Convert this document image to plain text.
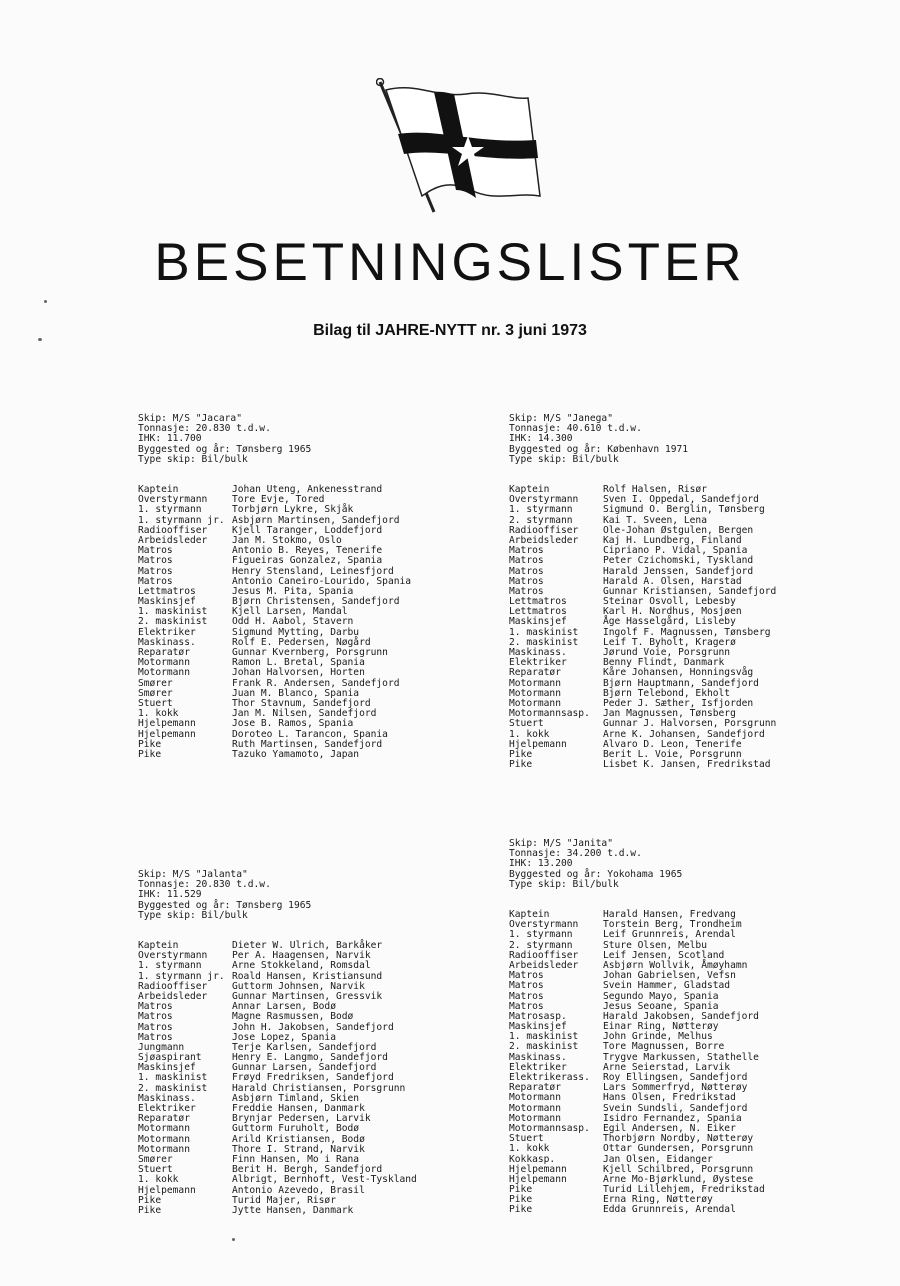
BESETNINGSLISTER
Bilag til JAHRE-NYTT nr. 3 juni 1973
Skip: M/S "Jacara"
Tonnasje: 20.830 t.d.w.
IHK: 11.700
Byggested og år: Tønsberg 1965
Type skip: Bil/bulk
Kaptein	Johan Uteng, Ankenesstrand
Overstyrmann	Tore Evje, Tored
1. styrmann	Torbjørn Lykre, Skjåk
1. styrmann jr. Asbjørn Martinsen, Sandefjord
Radiooffiser	Kjell Taranger, Loddefjord
Arbeidsleder	Jan M. Stokmo, Oslo
Matros	Antonio B. Reyes, Tenerife
Matros	Figueiras Gonzalez, Spania
Matros	Henry Stensland, Leinesfjord
Matros	Antonio Caneiro-Lourido, Spania
Lettmatros	Jesus M. Pita, Spania
Maskinsjef	Bjørn Christensen, Sandefjord
1. maskinist	Kjell Larsen, Mandal
2. maskinist	Odd H. Aabol, Stavern
Elektriker	Sigmund Mytting, Darbu
Maskinass.	Rolf E. Pedersen, Nøgård
Reparatør	Gunnar Kvernberg, Porsgrunn
Motormann	Ramon L. Bretal, Spania
Motormann	Johan Halvorsen, Horten
Smører	Frank R. Andersen, Sandefjord
Smører	Juan M. Blanco, Spania
Stuert	Thor Stavnum, Sandefjord
1. kokk	Jan M. Nilsen, Sandefjord
Hjelpemann	Jose B. Ramos, Spania
Hjelpemann	Doroteo L. Tarancon, Spania
Pike	Ruth Martinsen, Sandefjord
Pike	Tazuko Yamamoto, Japan
Skip: M/S "Janega"
Tonnasje: 40.610 t.d.w.
IHK: 14.300
Byggested og år: København 1971
Type skip: Bil/bulk
Kaptein	Rolf Halsen, Risør
Overstyrmann	Sven I. Oppedal, Sandefjord
1. styrmann	Sigmund O. Berglin, Tønsberg
2. styrmann	Kai T. Sveen, Lena
Radiooffiser	Ole-Johan Østgulen, Bergen
Arbeidsleder	Kaj H. Lundberg, Finland
Matros	Cipriano P. Vidal, Spania
Matros	Peter Czichomski, Tyskland
Matros	Harald Jenssen, Sandefjord
Matros	Harald A. Olsen, Harstad
Matros	Gunnar Kristiansen, Sandefjord
Lettmatros	Steinar Osvoll, Lebesby
Lettmatros	Karl H. Nordhus, Mosjøen
Maskinsjef	Åge Hasselgård, Lisleby
1. maskinist	Ingolf F. Magnussen, Tønsberg
2. maskinist	Leif T. Byholt, Kragerø
Maskinass.	Jørund Voie, Porsgrunn
Elektriker	Benny Flindt, Danmark
Reparatør	Kåre Johansen, Honningsvåg
Motormann	Bjørn Hauptmann, Sandefjord
Motormann	Bjørn Telebond, Ekholt
Motormann	Peder J. Sæther, Isfjorden
Motormannsasp.	Jan Magnussen, Tønsberg
Stuert	Gunnar J. Halvorsen, Porsgrunn
1. kokk	Arne K. Johansen, Sandefjord
Hjelpemann	Alvaro D. Leon, Tenerife
Pike	Berit L. Voie, Porsgrunn
Pike	Lisbet K. Jansen, Fredrikstad
Skip: M/S "Jalanta"
Tonnasje: 20.830 t.d.w.
IHK: 11.529
Byggested og år: Tønsberg 1965
Type skip: Bil/bulk
Kaptein	Dieter W. Ulrich, Barkåker
Overstyrmann	Per A. Haagensen, Narvik
1. styrmann	Arne Stokkeland, Romsdal
1. styrmann jr. Roald Hansen, Kristiansund
Radiooffiser	Guttorm Johnsen, Narvik
Arbeidsleder	Gunnar Martinsen, Gressvik
Matros	Annar Larsen, Bodø
Matros	Magne Rasmussen, Bodø
Matros	John H. Jakobsen, Sandefjord
Matros	Jose Lopez, Spania
Jungmann	Terje Karlsen, Sandefjord
Sjøaspirant	Henry E. Langmo, Sandefjord
Maskinsjef	Gunnar Larsen, Sandefjord
1. maskinist	Frøyd Fredriksen, Sandefjord
2. maskinist	Harald Christiansen, Porsgrunn
Maskinass.	Asbjørn Timland, Skien
Elektriker	Freddie Hansen, Danmark
Reparatør	Brynjar Pedersen, Larvik
Motormann	Guttorm Furuholt, Bodø
Motormann	Arild Kristiansen, Bodø
Motormann	Thore I. Strand, Narvik
Smører	Finn Hansen, Mo i Rana
Stuert	Berit H. Bergh, Sandefjord
1. kokk	Albrigt, Bernhoft, Vest-Tyskland
Hjelpemann	Antonio Azevedo, Brasil
Pike	Turid Majer, Risør
Pike	Jytte Hansen, Danmark
Skip: M/S "Janita"
Tonnasje: 34.200 t.d.w.
IHK: 13.200
Byggested og år: Yokohama 1965
Type skip: Bil/bulk
Kaptein	Harald Hansen, Fredvang
Overstyrmann	Torstein Berg, Trondheim
1. styrmann	Leif Grunnreis, Arendal
2. styrmann	Sture Olsen, Melbu
Radiooffiser	Leif Jensen, Scotland
Arbeidsleder	Asbjørn Wollvik, Åmøyhamn
Matros	Johan Gabrielsen, Vefsn
Matros	Svein Hammer, Gladstad
Matros	Segundo Mayo, Spania
Matros	Jesus Seoane, Spania
Matrosasp.	Harald Jakobsen, Sandefjord
Maskinsjef	Einar Ring, Nøtterøy
1. maskinist	John Grinde, Melhus
2. maskinist	Tore Magnussen, Borre
Maskinass.	Trygve Markussen, Stathelle
Elektriker	Arne Seierstad, Larvik
Elektrikerass.	Roy Ellingsen, Sandefjord
Reparatør	Lars Sommerfryd, Nøtterøy
Motormann	Hans Olsen, Fredrikstad
Motormann	Svein Sundsli, Sandefjord
Motormann	Isidro Fernandez, Spania
Motormannsasp.	Egil Andersen, N. Eiker
Stuert	Thorbjørn Nordby, Nøtterøy
1. kokk	Ottar Gundersen, Porsgrunn
Kokkasp.	Jan Olsen, Eidanger
Hjelpemann	Kjell Schilbred, Porsgrunn
Hjelpemann	Arne Mo-Bjørklund, Øystese
Pike	Turid Lillehjem, Fredrikstad
Pike	Erna Ring, Nøtterøy
Pike	Edda Grunnreis, Arendal
